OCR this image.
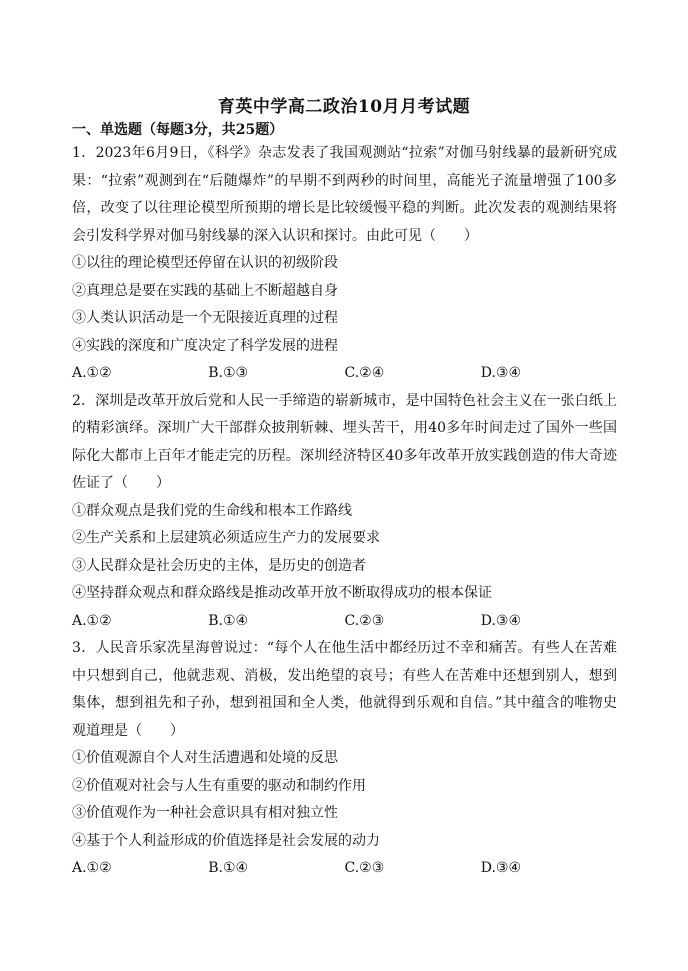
育英中学高二政治10月月考试题
一、单选题（每题3分，共25题）

1．2023年6月9日，《科学》杂志发表了我国观测站“拉索”对伽马射线暴的最新研究成果：“拉索”观测到在“后随爆炸”的早期不到两秒的时间里，高能光子流量增强了100多倍，改变了以往理论模型所预期的增长是比较缓慢平稳的判断。此次发表的观测结果将会引发科学界对伽马射线暴的深入认识和探讨。由此可见（　　）

①以往的理论模型还停留在认识的初级阶段

②真理总是要在实践的基础上不断超越自身

③人类认识活动是一个无限接近真理的过程

④实践的深度和广度决定了科学发展的进程

A.①②	B.①③	C.②④	D.③④

2．深圳是改革开放后党和人民一手缔造的崭新城市，是中国特色社会主义在一张白纸上的精彩演绎。深圳广大干部群众披荆斩棘、埋头苦干，用40多年时间走过了国外一些国际化大都市上百年才能走完的历程。深圳经济特区40多年改革开放实践创造的伟大奇迹佐证了（　　）

①群众观点是我们党的生命线和根本工作路线

②生产关系和上层建筑必须适应生产力的发展要求

③人民群众是社会历史的主体，是历史的创造者

④坚持群众观点和群众路线是推动改革开放不断取得成功的根本保证

A.①②	B.①④	C.②③	D.③④

3．人民音乐家冼星海曾说过：“每个人在他生活中都经历过不幸和痛苦。有些人在苦难中只想到自己，他就悲观、消极，发出绝望的哀号；有些人在苦难中还想到别人，想到集体，想到祖先和子孙，想到祖国和全人类，他就得到乐观和自信。”其中蕴含的唯物史观道理是（　　）

①价值观源自个人对生活遭遇和处境的反思

②价值观对社会与人生有重要的驱动和制约作用

③价值观作为一种社会意识具有相对独立性

④基于个人利益形成的价值选择是社会发展的动力

A.①②	B.①④	C.②③	D.③④
